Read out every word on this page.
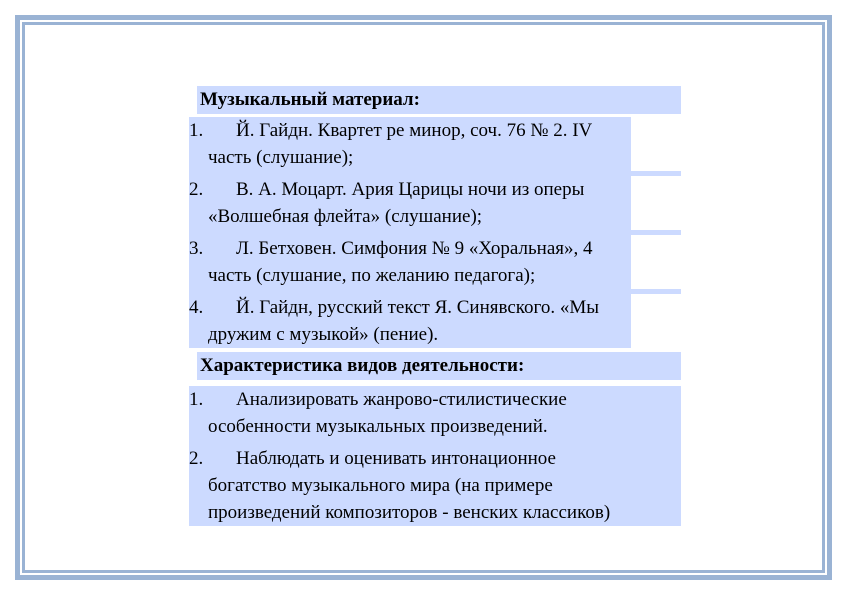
Музыкальный материал:
1.	Й. Гайдн. Квартет ре минор, соч. 76 № 2. IV часть (слушание);
2.	В. А. Моцарт. Ария Царицы ночи из оперы «Волшебная флейта» (слушание);
3.	Л. Бетховен. Симфония № 9 «Хоральная», 4 часть (слушание, по желанию педагога);
4.	Й. Гайдн, русский текст Я. Синявского. «Мы дружим с музыкой» (пение).
Характеристика видов деятельности:
1.	Анализировать жанрово-стилистические особенности музыкальных произведений.
2.	Наблюдать и оценивать интонационное богатство музыкального мира (на примере произведений композиторов - венских классиков)
